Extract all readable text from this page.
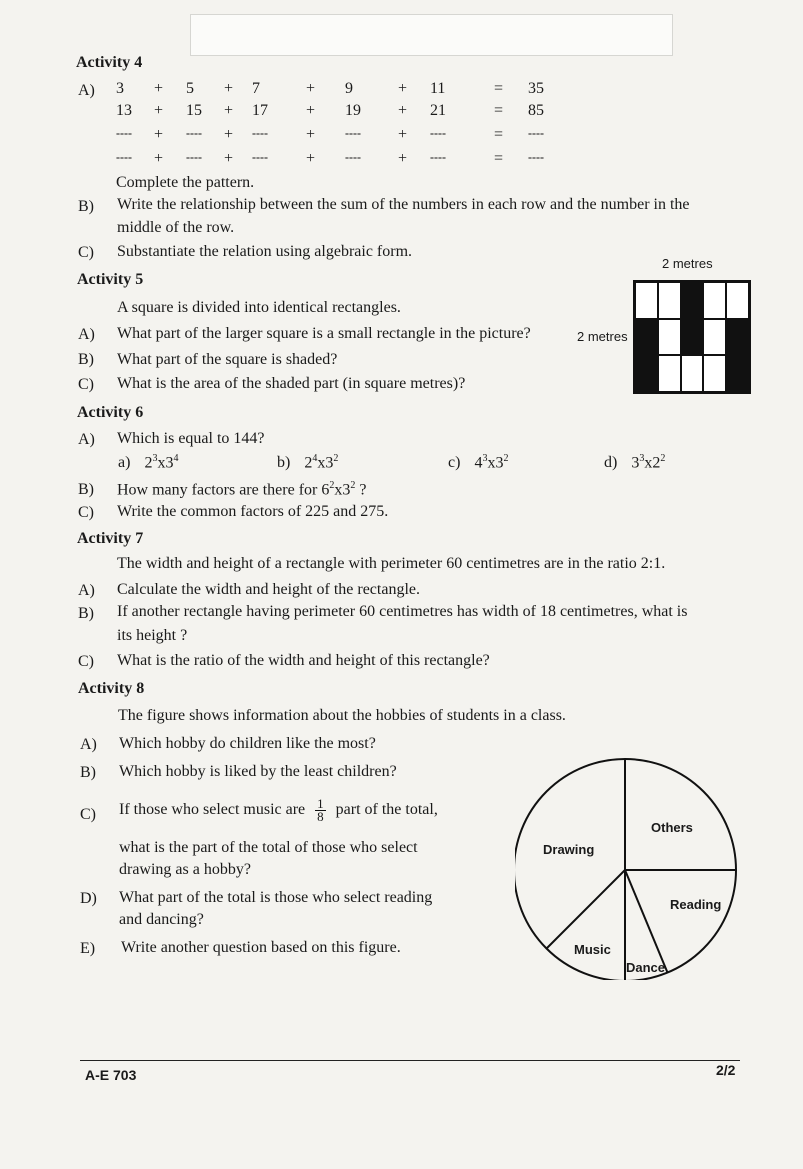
Activity 4
A) 3 + 5 + 7	+ 9	+ 11	= 35
13 + 15 + 17 + 19 + 21	= 85
---- + ---- + ---- + ---- + ----	= ----
---- + ---- + ---- + ---- + ----	= ----
Complete the pattern.
B) Write the relationship between the sum of the numbers in each row and the number in the
middle of the row.
C) Substantiate the relation using algebraic form.
Activity 5
A square is divided into identical rectangles.
A) What part of the larger square is a small rectangle in the picture?
B) What part of the square is shaded?
C) What is the area of the shaded part (in square metres)?
2 metres
2 metres
Activity 6
A) Which is equal to 144?
a) $2^3x3^4$	b) $2^4x3^2$	c) $4^3x3^2$	d) $3^3x2^2$
B) How many factors are there for $6^2x3^2$ ?
C) Write the common factors of 225 and 275.
Activity 7
The width and height of a rectangle with perimeter 60 centimetres are in the ratio 2:1.
A) Calculate the width and height of the rectangle.
B) If another rectangle having perimeter 60 centimetres has width of 18 centimetres, what is
its height ?
C) What is the ratio of the width and height of this rectangle?
Activity 8
The figure shows information about the hobbies of students in a class.
A) Which hobby do children like the most?
B) Which hobby is liked by the least children?
C) If those who select music are $\frac{1}{8}$ part of the total,
what is the part of the total of those who select
drawing as a hobby?
D) What part of the total is those who select reading
and dancing?
E) Write another question based on this figure.
Others
Drawing
Reading
Music
Dance
A-E 703	2/2
